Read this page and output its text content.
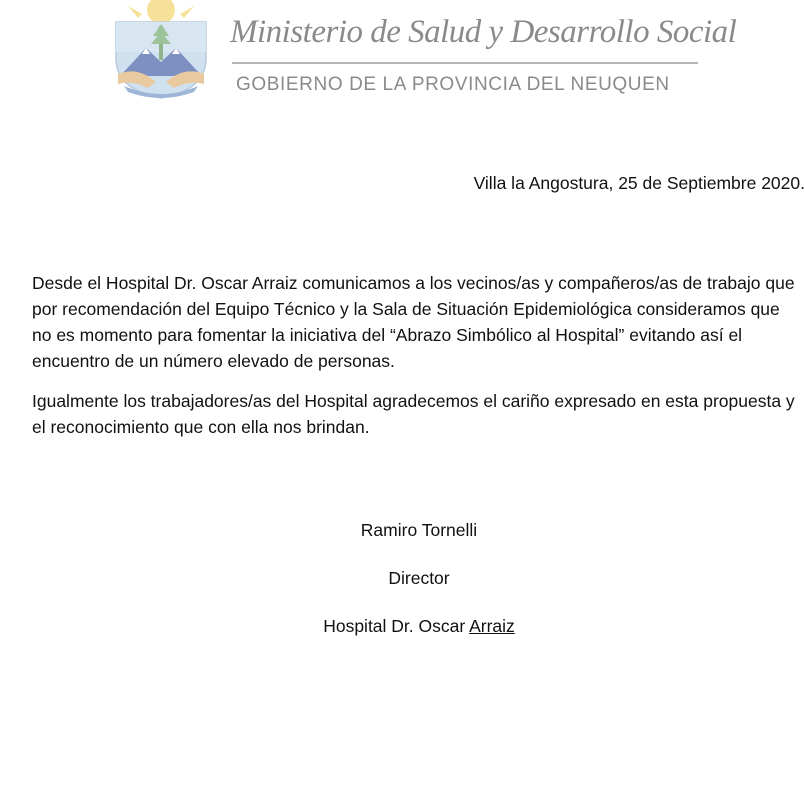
Ministerio de Salud y Desarrollo Social
GOBIERNO DE LA PROVINCIA DEL NEUQUEN
Villa la Angostura, 25 de Septiembre 2020.

Desde el Hospital Dr. Oscar Arraiz comunicamos a los vecinos/as y compañeros/as de trabajo que por recomendación del Equipo Técnico y la Sala de Situación Epidemiológica consideramos que no es momento para fomentar la iniciativa del “Abrazo Simbólico al Hospital” evitando así el encuentro de un número elevado de personas.

Igualmente los trabajadores/as del Hospital agradecemos el cariño expresado en esta propuesta y el reconocimiento que con ella nos brindan.

Ramiro Tornelli
Director
Hospital Dr. Oscar Arraiz
